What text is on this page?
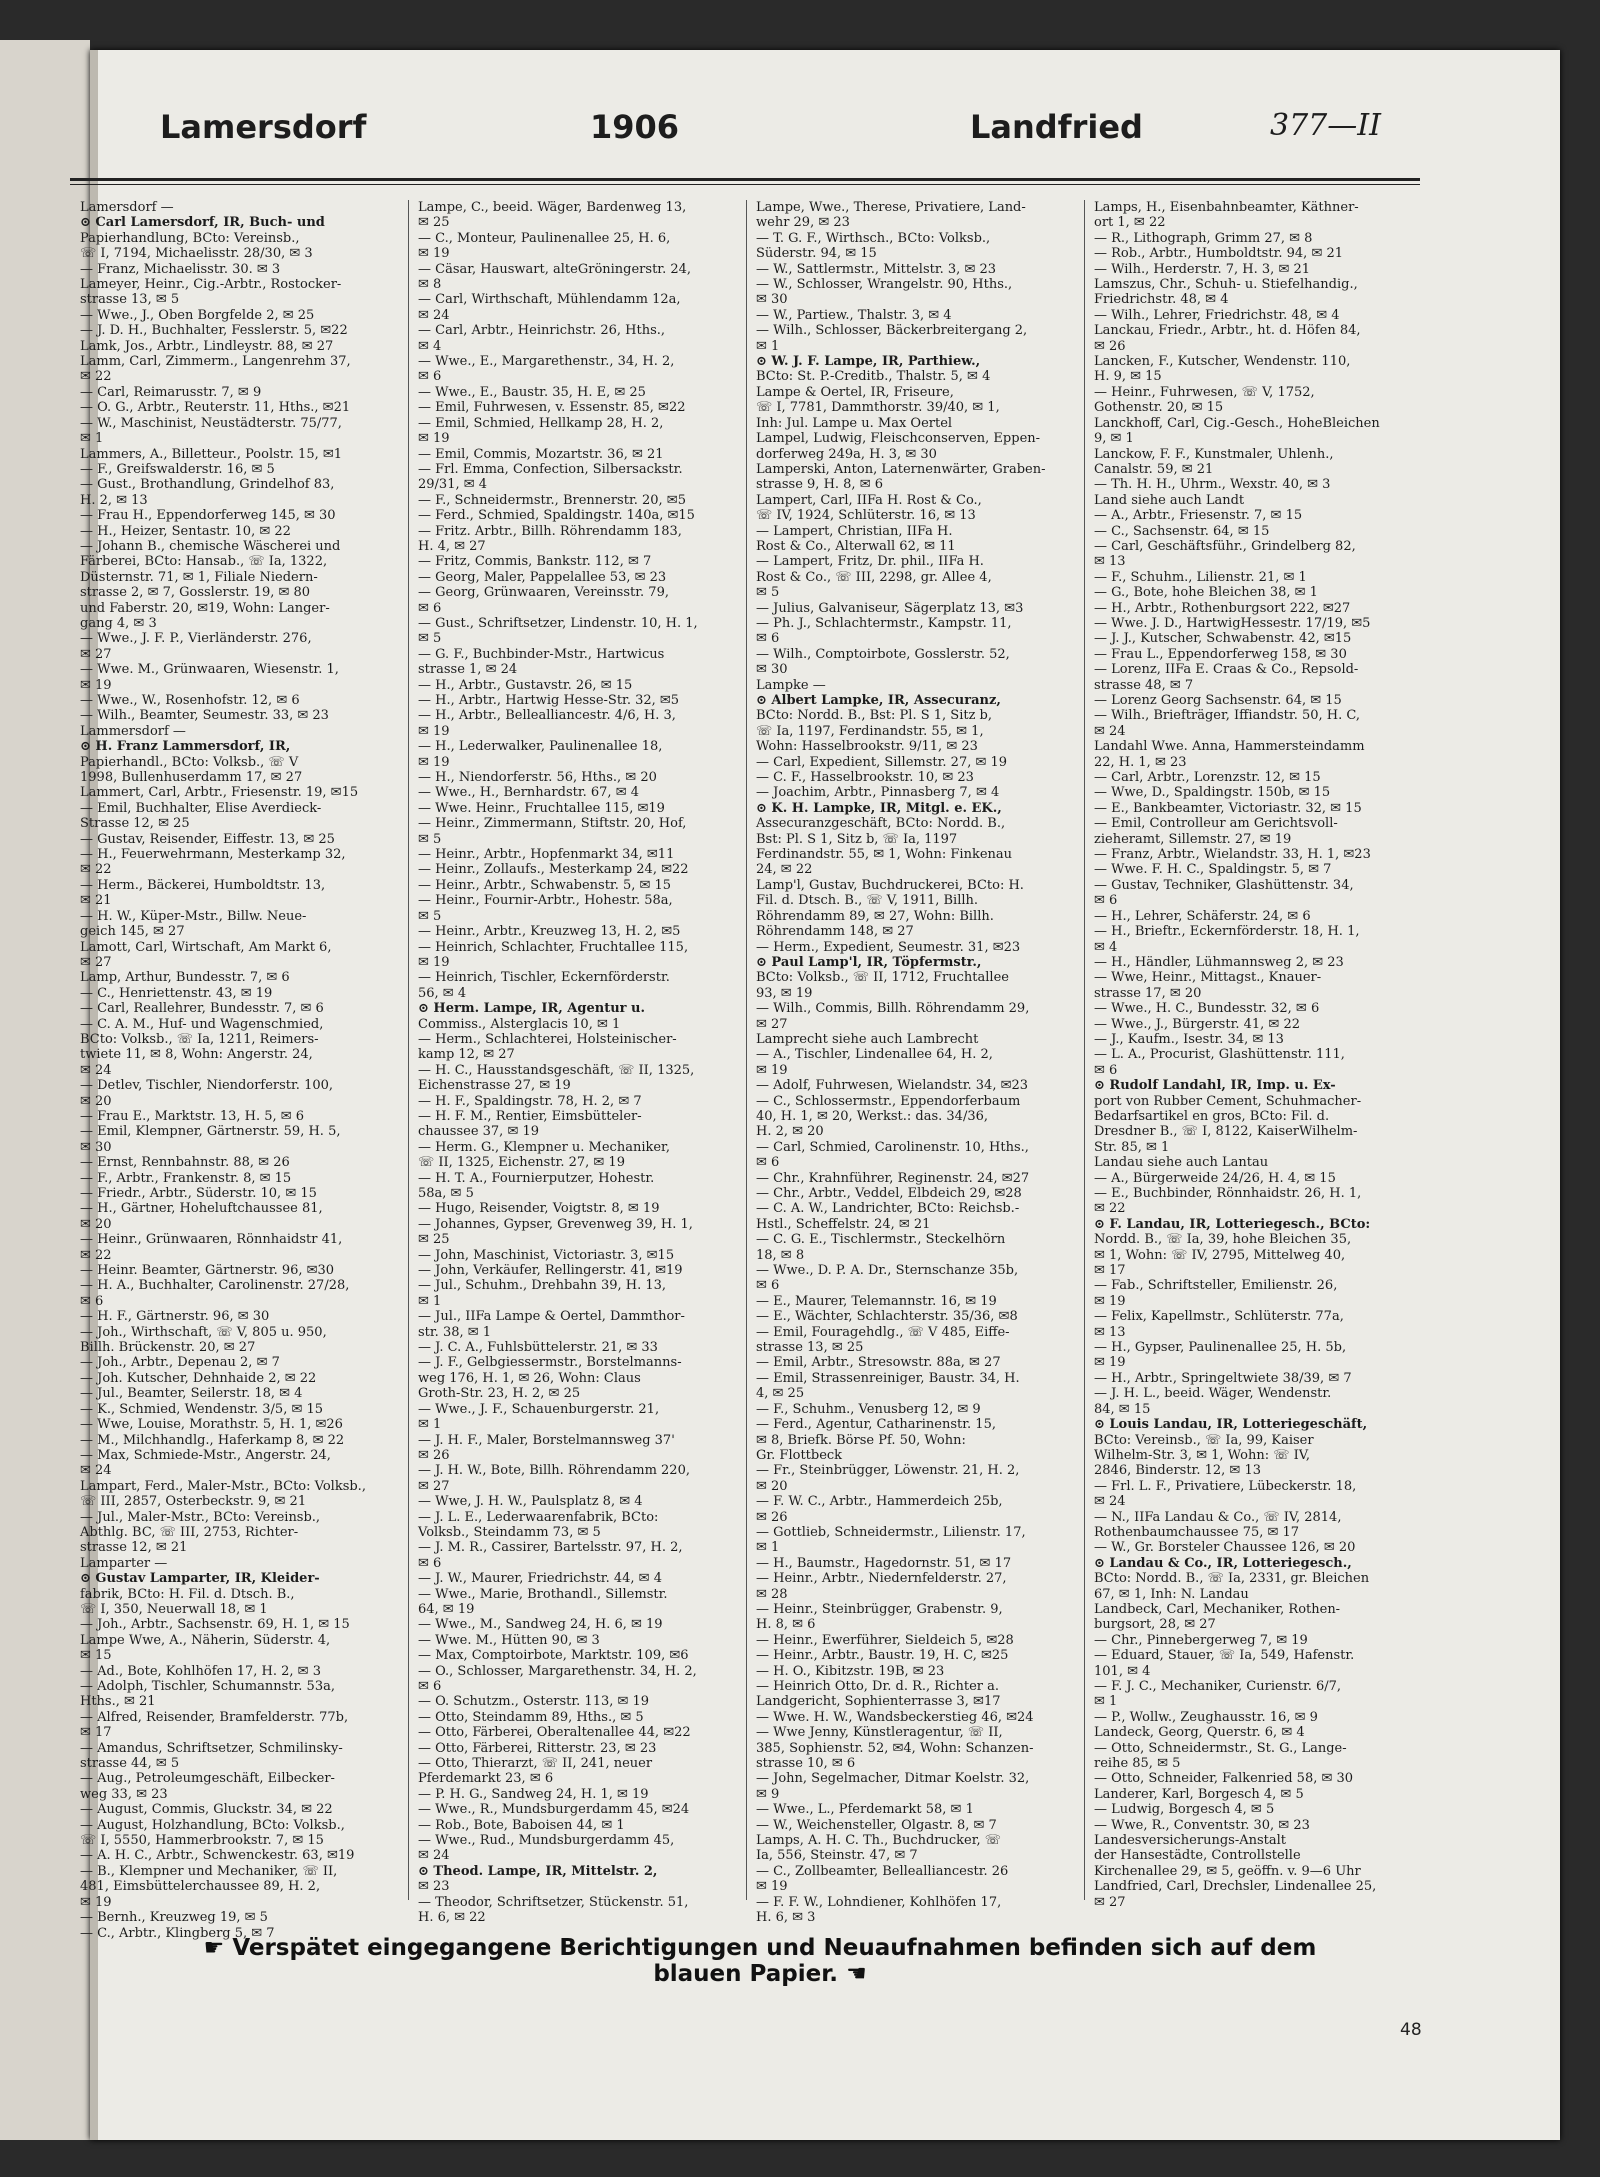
Lamersdorf	1906	Landfried	377—II
Lamersdorf —
⊙ Carl Lamersdorf, IR, Buch- und
Papierhandlung, BCto: Vereinsb.,
☏ I, 7194, Michaelisstr. 28/30, ✉ 3
— Franz, Michaelisstr. 30. ✉ 3
Lameyer, Heinr., Cig.-Arbtr., Rostocker-
strasse 13, ✉ 5
— Wwe., J., Oben Borgfelde 2, ✉ 25
— J. D. H., Buchhalter, Fesslerstr. 5, ✉22
Lamk, Jos., Arbtr., Lindleystr. 88, ✉ 27
Lamm, Carl, Zimmerm., Langenrehm 37,
✉ 22
— Carl, Reimarusstr. 7, ✉ 9
— O. G., Arbtr., Reuterstr. 11, Hths., ✉21
— W., Maschinist, Neustädterstr. 75/77,
✉ 1
Lammers, A., Billetteur., Poolstr. 15, ✉1
— F., Greifswalderstr. 16, ✉ 5
— Gust., Brothandlung, Grindelhof 83,
H. 2, ✉ 13
— Frau H., Eppendorferweg 145, ✉ 30
— H., Heizer, Sentastr. 10, ✉ 22
— Johann B., chemische Wäscherei und
Färberei, BCto: Hansab., ☏ Ia, 1322,
Düsternstr. 71, ✉ 1, Filiale Niedern-
strasse 2, ✉ 7, Gosslerstr. 19, ✉ 80
und Faberstr. 20, ✉19, Wohn: Langer-
gang 4, ✉ 3
— Wwe., J. F. P., Vierländerstr. 276,
✉ 27
— Wwe. M., Grünwaaren, Wiesenstr. 1,
✉ 19
— Wwe., W., Rosenhofstr. 12, ✉ 6
— Wilh., Beamter, Seumestr. 33, ✉ 23
Lammersdorf —
⊙ H. Franz Lammersdorf, IR,
Papierhandl., BCto: Volksb., ☏ V
1998, Bullenhuserdamm 17, ✉ 27
Lammert, Carl, Arbtr., Friesenstr. 19, ✉15
— Emil, Buchhalter, Elise Averdieck-
Strasse 12, ✉ 25
— Gustav, Reisender, Eiffestr. 13, ✉ 25
— H., Feuerwehrmann, Mesterkamp 32,
✉ 22
— Herm., Bäckerei, Humboldtstr. 13,
✉ 21
— H. W., Küper-Mstr., Billw. Neue-
geich 145, ✉ 27
Lamott, Carl, Wirtschaft, Am Markt 6,
✉ 27
Lamp, Arthur, Bundesstr. 7, ✉ 6
— C., Henriettenstr. 43, ✉ 19
— Carl, Reallehrer, Bundesstr. 7, ✉ 6
— C. A. M., Huf- und Wagenschmied,
BCto: Volksb., ☏ Ia, 1211, Reimers-
twiete 11, ✉ 8, Wohn: Angerstr. 24,
✉ 24
— Detlev, Tischler, Niendorferstr. 100,
✉ 20
— Frau E., Marktstr. 13, H. 5, ✉ 6
— Emil, Klempner, Gärtnerstr. 59, H. 5,
✉ 30
— Ernst, Rennbahnstr. 88, ✉ 26
— F., Arbtr., Frankenstr. 8, ✉ 15
— Friedr., Arbtr., Süderstr. 10, ✉ 15
— H., Gärtner, Hoheluftchaussee 81,
✉ 20
— Heinr., Grünwaaren, Rönnhaidstr 41,
✉ 22
— Heinr. Beamter, Gärtnerstr. 96, ✉30
— H. A., Buchhalter, Carolinenstr. 27/28,
✉ 6
— H. F., Gärtnerstr. 96, ✉ 30
— Joh., Wirthschaft, ☏ V, 805 u. 950,
Billh. Brückenstr. 20, ✉ 27
— Joh., Arbtr., Depenau 2, ✉ 7
— Joh. Kutscher, Dehnhaide 2, ✉ 22
— Jul., Beamter, Seilerstr. 18, ✉ 4
— K., Schmied, Wendenstr. 3/5, ✉ 15
— Wwe, Louise, Morathstr. 5, H. 1, ✉26
— M., Milchhandlg., Haferkamp 8, ✉ 22
— Max, Schmiede-Mstr., Angerstr. 24,
✉ 24
Lampart, Ferd., Maler-Mstr., BCto: Volksb.,
☏ III, 2857, Osterbeckstr. 9, ✉ 21
— Jul., Maler-Mstr., BCto: Vereinsb.,
Abthlg. BC, ☏ III, 2753, Richter-
strasse 12, ✉ 21
Lamparter —
⊙ Gustav Lamparter, IR, Kleider-
fabrik, BCto: H. Fil. d. Dtsch. B.,
☏ I, 350, Neuerwall 18, ✉ 1
— Joh., Arbtr., Sachsenstr. 69, H. 1, ✉ 15
Lampe Wwe, A., Näherin, Süderstr. 4,
✉ 15
— Ad., Bote, Kohlhöfen 17, H. 2, ✉ 3
— Adolph, Tischler, Schumannstr. 53a,
Hths., ✉ 21
— Alfred, Reisender, Bramfelderstr. 77b,
✉ 17
— Amandus, Schriftsetzer, Schmilinsky-
strasse 44, ✉ 5
— Aug., Petroleumgeschäft, Eilbecker-
weg 33, ✉ 23
— August, Commis, Gluckstr. 34, ✉ 22
— August, Holzhandlung, BCto: Volksb.,
☏ I, 5550, Hammerbrookstr. 7, ✉ 15
— A. H. C., Arbtr., Schwenckestr. 63, ✉19
— B., Klempner und Mechaniker, ☏ II,
481, Eimsbüttelerchaussee 89, H. 2,
✉ 19
— Bernh., Kreuzweg 19, ✉ 5
— C., Arbtr., Klingberg 5, ✉ 7
Lampe, C., beeid. Wäger, Bardenweg 13,
✉ 25
— C., Monteur, Paulinenallee 25, H. 6,
✉ 19
— Cäsar, Hauswart, alteGröningerstr. 24,
✉ 8
— Carl, Wirthschaft, Mühlendamm 12a,
✉ 24
— Carl, Arbtr., Heinrichstr. 26, Hths.,
✉ 4
— Wwe., E., Margarethenstr., 34, H. 2,
✉ 6
— Wwe., E., Baustr. 35, H. E, ✉ 25
— Emil, Fuhrwesen, v. Essenstr. 85, ✉22
— Emil, Schmied, Hellkamp 28, H. 2,
✉ 19
— Emil, Commis, Mozartstr. 36, ✉ 21
— Frl. Emma, Confection, Silbersackstr.
29/31, ✉ 4
— F., Schneidermstr., Brennerstr. 20, ✉5
— Ferd., Schmied, Spaldingstr. 140a, ✉15
— Fritz. Arbtr., Billh. Röhrendamm 183,
H. 4, ✉ 27
— Fritz, Commis, Bankstr. 112, ✉ 7
— Georg, Maler, Pappelallee 53, ✉ 23
— Georg, Grünwaaren, Vereinsstr. 79,
✉ 6
— Gust., Schriftsetzer, Lindenstr. 10, H. 1,
✉ 5
— G. F., Buchbinder-Mstr., Hartwicus
strasse 1, ✉ 24
— H., Arbtr., Gustavstr. 26, ✉ 15
— H., Arbtr., Hartwig Hesse-Str. 32, ✉5
— H., Arbtr., Bellealliancestr. 4/6, H. 3,
✉ 19
— H., Lederwalker, Paulinenallee 18,
✉ 19
— H., Niendorferstr. 56, Hths., ✉ 20
— Wwe., H., Bernhardstr. 67, ✉ 4
— Wwe. Heinr., Fruchtallee 115, ✉19
— Heinr., Zimmermann, Stiftstr. 20, Hof,
✉ 5
— Heinr., Arbtr., Hopfenmarkt 34, ✉11
— Heinr., Zollaufs., Mesterkamp 24, ✉22
— Heinr., Arbtr., Schwabenstr. 5, ✉ 15
— Heinr., Fournir-Arbtr., Hohestr. 58a,
✉ 5
— Heinr., Arbtr., Kreuzweg 13, H. 2, ✉5
— Heinrich, Schlachter, Fruchtallee 115,
✉ 19
— Heinrich, Tischler, Eckernförderstr.
56, ✉ 4
⊙ Herm. Lampe, IR, Agentur u.
Commiss., Alsterglacis 10, ✉ 1
— Herm., Schlachterei, Holsteinischer-
kamp 12, ✉ 27
— H. C., Hausstandsgeschäft, ☏ II, 1325,
Eichenstrasse 27, ✉ 19
— H. F., Spaldingstr. 78, H. 2, ✉ 7
— H. F. M., Rentier, Eimsbütteler-
chaussee 37, ✉ 19
— Herm. G., Klempner u. Mechaniker,
☏ II, 1325, Eichenstr. 27, ✉ 19
— H. T. A., Fournierputzer, Hohestr.
58a, ✉ 5
— Hugo, Reisender, Voigtstr. 8, ✉ 19
— Johannes, Gypser, Grevenweg 39, H. 1,
✉ 25
— John, Maschinist, Victoriastr. 3, ✉15
— John, Verkäufer, Rellingerstr. 41, ✉19
— Jul., Schuhm., Drehbahn 39, H. 13,
✉ 1
— Jul., IIFa Lampe & Oertel, Dammthor-
str. 38, ✉ 1
— J. C. A., Fuhlsbüttelerstr. 21, ✉ 33
— J. F., Gelbgiessermstr., Borstelmanns-
weg 176, H. 1, ✉ 26, Wohn: Claus
Groth-Str. 23, H. 2, ✉ 25
— Wwe., J. F., Schauenburgerstr. 21,
✉ 1
— J. H. F., Maler, Borstelmannsweg 37'
✉ 26
— J. H. W., Bote, Billh. Röhrendamm 220,
✉ 27
— Wwe, J. H. W., Paulsplatz 8, ✉ 4
— J. L. E., Lederwaarenfabrik, BCto:
Volksb., Steindamm 73, ✉ 5
— J. M. R., Cassirer, Bartelsstr. 97, H. 2,
✉ 6
— J. W., Maurer, Friedrichstr. 44, ✉ 4
— Wwe., Marie, Brothandl., Sillemstr.
64, ✉ 19
— Wwe., M., Sandweg 24, H. 6, ✉ 19
— Wwe. M., Hütten 90, ✉ 3
— Max, Comptoirbote, Marktstr. 109, ✉6
— O., Schlosser, Margarethenstr. 34, H. 2,
✉ 6
— O. Schutzm., Osterstr. 113, ✉ 19
— Otto, Steindamm 89, Hths., ✉ 5
— Otto, Färberei, Oberaltenallee 44, ✉22
— Otto, Färberei, Ritterstr. 23, ✉ 23
— Otto, Thierarzt, ☏ II, 241, neuer
Pferdemarkt 23, ✉ 6
— P. H. G., Sandweg 24, H. 1, ✉ 19
— Wwe., R., Mundsburgerdamm 45, ✉24
— Rob., Bote, Baboisen 44, ✉ 1
— Wwe., Rud., Mundsburgerdamm 45,
✉ 24
⊙ Theod. Lampe, IR, Mittelstr. 2,
✉ 23
— Theodor, Schriftsetzer, Stückenstr. 51,
H. 6, ✉ 22
Lampe, Wwe., Therese, Privatiere, Land-
wehr 29, ✉ 23
— T. G. F., Wirthsch., BCto: Volksb.,
Süderstr. 94, ✉ 15
— W., Sattlermstr., Mittelstr. 3, ✉ 23
— W., Schlosser, Wrangelstr. 90, Hths.,
✉ 30
— W., Partiew., Thalstr. 3, ✉ 4
— Wilh., Schlosser, Bäckerbreitergang 2,
✉ 1
⊙ W. J. F. Lampe, IR, Parthiew.,
BCto: St. P.-Creditb., Thalstr. 5, ✉ 4
Lampe & Oertel, IR, Friseure,
☏ I, 7781, Dammthorstr. 39/40, ✉ 1,
Inh: Jul. Lampe u. Max Oertel
Lampel, Ludwig, Fleischconserven, Eppen-
dorferweg 249a, H. 3, ✉ 30
Lamperski, Anton, Laternenwärter, Graben-
strasse 9, H. 8, ✉ 6
Lampert, Carl, IIFa H. Rost & Co.,
☏ IV, 1924, Schlüterstr. 16, ✉ 13
— Lampert, Christian, IIFa H.
Rost & Co., Alterwall 62, ✉ 11
— Lampert, Fritz, Dr. phil., IIFa H.
Rost & Co., ☏ III, 2298, gr. Allee 4,
✉ 5
— Julius, Galvaniseur, Sägerplatz 13, ✉3
— Ph. J., Schlachtermstr., Kampstr. 11,
✉ 6
— Wilh., Comptoirbote, Gosslerstr. 52,
✉ 30
Lampke —
⊙ Albert Lampke, IR, Assecuranz,
BCto: Nordd. B., Bst: Pl. S 1, Sitz b,
☏ Ia, 1197, Ferdinandstr. 55, ✉ 1,
Wohn: Hasselbrookstr. 9/11, ✉ 23
— Carl, Expedient, Sillemstr. 27, ✉ 19
— C. F., Hasselbrookstr. 10, ✉ 23
— Joachim, Arbtr., Pinnasberg 7, ✉ 4
⊙ K. H. Lampke, IR, Mitgl. e. EK.,
Assecuranzgeschäft, BCto: Nordd. B.,
Bst: Pl. S 1, Sitz b, ☏ Ia, 1197
Ferdinandstr. 55, ✉ 1, Wohn: Finkenau
24, ✉ 22
Lamp'l, Gustav, Buchdruckerei, BCto: H.
Fil. d. Dtsch. B., ☏ V, 1911, Billh.
Röhrendamm 89, ✉ 27, Wohn: Billh.
Röhrendamm 148, ✉ 27
— Herm., Expedient, Seumestr. 31, ✉23
⊙ Paul Lamp'l, IR, Töpfermstr.,
BCto: Volksb., ☏ II, 1712, Fruchtallee
93, ✉ 19
— Wilh., Commis, Billh. Röhrendamm 29,
✉ 27
Lamprecht siehe auch Lambrecht
— A., Tischler, Lindenallee 64, H. 2,
✉ 19
— Adolf, Fuhrwesen, Wielandstr. 34, ✉23
— C., Schlossermstr., Eppendorferbaum
40, H. 1, ✉ 20, Werkst.: das. 34/36,
H. 2, ✉ 20
— Carl, Schmied, Carolinenstr. 10, Hths.,
✉ 6
— Chr., Krahnführer, Reginenstr. 24, ✉27
— Chr., Arbtr., Veddel, Elbdeich 29, ✉28
— C. A. W., Landrichter, BCto: Reichsb.-
Hstl., Scheffelstr. 24, ✉ 21
— C. G. E., Tischlermstr., Steckelhörn
18, ✉ 8
— Wwe., D. P. A. Dr., Sternschanze 35b,
✉ 6
— E., Maurer, Telemannstr. 16, ✉ 19
— E., Wächter, Schlachterstr. 35/36, ✉8
— Emil, Fouragehdlg., ☏ V 485, Eiffe-
strasse 13, ✉ 25
— Emil, Arbtr., Stresowstr. 88a, ✉ 27
— Emil, Strassenreiniger, Baustr. 34, H.
4, ✉ 25
— F., Schuhm., Venusberg 12, ✉ 9
— Ferd., Agentur, Catharinenstr. 15,
✉ 8, Briefk. Börse Pf. 50, Wohn:
Gr. Flottbeck
— Fr., Steinbrügger, Löwenstr. 21, H. 2,
✉ 20
— F. W. C., Arbtr., Hammerdeich 25b,
✉ 26
— Gottlieb, Schneidermstr., Lilienstr. 17,
✉ 1
— H., Baumstr., Hagedornstr. 51, ✉ 17
— Heinr., Arbtr., Niedernfelderstr. 27,
✉ 28
— Heinr., Steinbrügger, Grabenstr. 9,
H. 8, ✉ 6
— Heinr., Ewerführer, Sieldeich 5, ✉28
— Heinr., Arbtr., Baustr. 19, H. C, ✉25
— H. O., Kibitzstr. 19B, ✉ 23
— Heinrich Otto, Dr. d. R., Richter a.
Landgericht, Sophienterrasse 3, ✉17
— Wwe. H. W., Wandsbeckerstieg 46, ✉24
— Wwe Jenny, Künstleragentur, ☏ II,
385, Sophienstr. 52, ✉4, Wohn: Schanzen-
strasse 10, ✉ 6
— John, Segelmacher, Ditmar Koelstr. 32,
✉ 9
— Wwe., L., Pferdemarkt 58, ✉ 1
— W., Weichensteller, Olgastr. 8, ✉ 7
Lamps, A. H. C. Th., Buchdrucker, ☏
Ia, 556, Steinstr. 47, ✉ 7
— C., Zollbeamter, Bellealliancestr. 26
✉ 19
— F. F. W., Lohndiener, Kohlhöfen 17,
H. 6, ✉ 3
Lamps, H., Eisenbahnbeamter, Käthner-
ort 1, ✉ 22
— R., Lithograph, Grimm 27, ✉ 8
— Rob., Arbtr., Humboldtstr. 94, ✉ 21
— Wilh., Herderstr. 7, H. 3, ✉ 21
Lamszus, Chr., Schuh- u. Stiefelhandig.,
Friedrichstr. 48, ✉ 4
— Wilh., Lehrer, Friedrichstr. 48, ✉ 4
Lanckau, Friedr., Arbtr., ht. d. Höfen 84,
✉ 26
Lancken, F., Kutscher, Wendenstr. 110,
H. 9, ✉ 15
— Heinr., Fuhrwesen, ☏ V, 1752,
Gothenstr. 20, ✉ 15
Lanckhoff, Carl, Cig.-Gesch., HoheBleichen
9, ✉ 1
Lanckow, F. F., Kunstmaler, Uhlenh.,
Canalstr. 59, ✉ 21
— Th. H. H., Uhrm., Wexstr. 40, ✉ 3
Land siehe auch Landt
— A., Arbtr., Friesenstr. 7, ✉ 15
— C., Sachsenstr. 64, ✉ 15
— Carl, Geschäftsführ., Grindelberg 82,
✉ 13
— F., Schuhm., Lilienstr. 21, ✉ 1
— G., Bote, hohe Bleichen 38, ✉ 1
— H., Arbtr., Rothenburgsort 222, ✉27
— Wwe. J. D., HartwigHessestr. 17/19, ✉5
— J. J., Kutscher, Schwabenstr. 42, ✉15
— Frau L., Eppendorferweg 158, ✉ 30
— Lorenz, IIFa E. Craas & Co., Repsold-
strasse 48, ✉ 7
— Lorenz Georg Sachsenstr. 64, ✉ 15
— Wilh., Briefträger, Iffiandstr. 50, H. C,
✉ 24
Landahl Wwe. Anna, Hammersteindamm
22, H. 1, ✉ 23
— Carl, Arbtr., Lorenzstr. 12, ✉ 15
— Wwe, D., Spaldingstr. 150b, ✉ 15
— E., Bankbeamter, Victoriastr. 32, ✉ 15
— Emil, Controlleur am Gerichtsvoll-
zieheramt, Sillemstr. 27, ✉ 19
— Franz, Arbtr., Wielandstr. 33, H. 1, ✉23
— Wwe. F. H. C., Spaldingstr. 5, ✉ 7
— Gustav, Techniker, Glashüttenstr. 34,
✉ 6
— H., Lehrer, Schäferstr. 24, ✉ 6
— H., Brieftr., Eckernförderstr. 18, H. 1,
✉ 4
— H., Händler, Lühmannsweg 2, ✉ 23
— Wwe, Heinr., Mittagst., Knauer-
strasse 17, ✉ 20
— Wwe., H. C., Bundesstr. 32, ✉ 6
— Wwe., J., Bürgerstr. 41, ✉ 22
— J., Kaufm., Isestr. 34, ✉ 13
— L. A., Procurist, Glashüttenstr. 111,
✉ 6
⊙ Rudolf Landahl, IR, Imp. u. Ex-
port von Rubber Cement, Schuhmacher-
Bedarfsartikel en gros, BCto: Fil. d.
Dresdner B., ☏ I, 8122, KaiserWilhelm-
Str. 85, ✉ 1
Landau siehe auch Lantau
— A., Bürgerweide 24/26, H. 4, ✉ 15
— E., Buchbinder, Rönnhaidstr. 26, H. 1,
✉ 22
⊙ F. Landau, IR, Lotteriegesch., BCto:
Nordd. B., ☏ Ia, 39, hohe Bleichen 35,
✉ 1, Wohn: ☏ IV, 2795, Mittelweg 40,
✉ 17
— Fab., Schriftsteller, Emilienstr. 26,
✉ 19
— Felix, Kapellmstr., Schlüterstr. 77a,
✉ 13
— H., Gypser, Paulinenallee 25, H. 5b,
✉ 19
— H., Arbtr., Springeltwiete 38/39, ✉ 7
— J. H. L., beeid. Wäger, Wendenstr.
84, ✉ 15
⊙ Louis Landau, IR, Lotteriegeschäft,
BCto: Vereinsb., ☏ Ia, 99, Kaiser
Wilhelm-Str. 3, ✉ 1, Wohn: ☏ IV,
2846, Binderstr. 12, ✉ 13
— Frl. L. F., Privatiere, Lübeckerstr. 18,
✉ 24
— N., IIFa Landau & Co., ☏ IV, 2814,
Rothenbaumchaussee 75, ✉ 17
— W., Gr. Borsteler Chaussee 126, ✉ 20
⊙ Landau & Co., IR, Lotteriegesch.,
BCto: Nordd. B., ☏ Ia, 2331, gr. Bleichen
67, ✉ 1, Inh: N. Landau
Landbeck, Carl, Mechaniker, Rothen-
burgsort, 28, ✉ 27
— Chr., Pinnebergerweg 7, ✉ 19
— Eduard, Stauer, ☏ Ia, 549, Hafenstr.
101, ✉ 4
— F. J. C., Mechaniker, Curienstr. 6/7,
✉ 1
— P., Wollw., Zeughausstr. 16, ✉ 9
Landeck, Georg, Querstr. 6, ✉ 4
— Otto, Schneidermstr., St. G., Lange-
reihe 85, ✉ 5
— Otto, Schneider, Falkenried 58, ✉ 30
Landerer, Karl, Borgesch 4, ✉ 5
— Ludwig, Borgesch 4, ✉ 5
— Wwe, R., Conventstr. 30, ✉ 23
Landesversicherungs-Anstalt
der Hansestädte, Controllstelle
Kirchenallee 29, ✉ 5, geöffn. v. 9—6 Uhr
Landfried, Carl, Drechsler, Lindenallee 25,
✉ 27
☛ Verspätet eingegangene Berichtigungen und Neuaufnahmen befinden sich auf dem blauen Papier. ☚
48
